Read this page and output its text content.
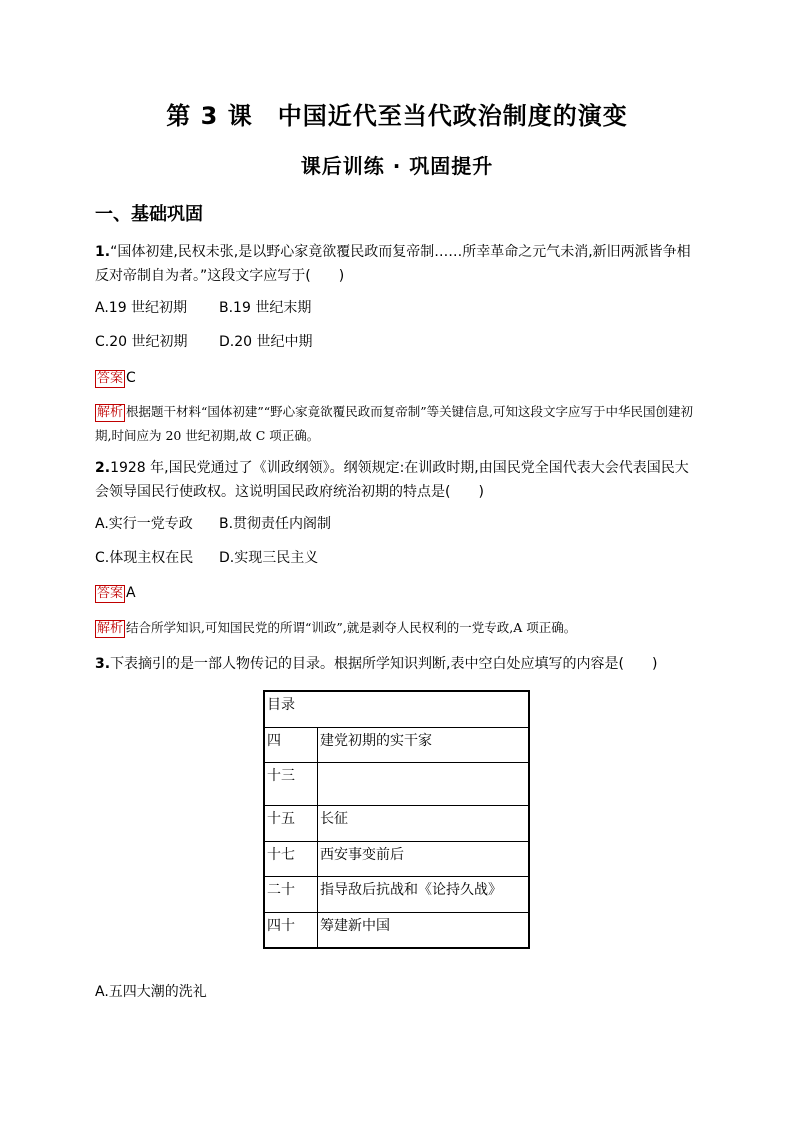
第 3 课　中国近代至当代政治制度的演变
课后训练 · 巩固提升
一、基础巩固
1.“国体初建,民权未张,是以野心家竟欲覆民政而复帝制……所幸革命之元气未消,新旧两派皆争相反对帝制自为者。”这段文字应写于(　　)
A.19 世纪初期 B.19 世纪末期
C.20 世纪初期 D.20 世纪中期
答案 C
解析 根据题干材料“国体初建”“野心家竟欲覆民政而复帝制”等关键信息,可知这段文字应写于中华民国创建初期,时间应为 20 世纪初期,故 C 项正确。
2.1928 年,国民党通过了《训政纲领》。纲领规定:在训政时期,由国民党全国代表大会代表国民大会领导国民行使政权。这说明国民政府统治初期的特点是(　　)
A.实行一党专政 B.贯彻责任内阁制
C.体现主权在民 D.实现三民主义
答案 A
解析 结合所学知识,可知国民党的所谓“训政”,就是剥夺人民权利的一党专政,A 项正确。
3.下表摘引的是一部人物传记的目录。根据所学知识判断,表中空白处应填写的内容是(　　)
目录	
四	建党初期的实干家
十三	
十五	长征
十七	西安事变前后
二十	指导敌后抗战和《论持久战》
四十	筹建新中国
A.五四大潮的洗礼
